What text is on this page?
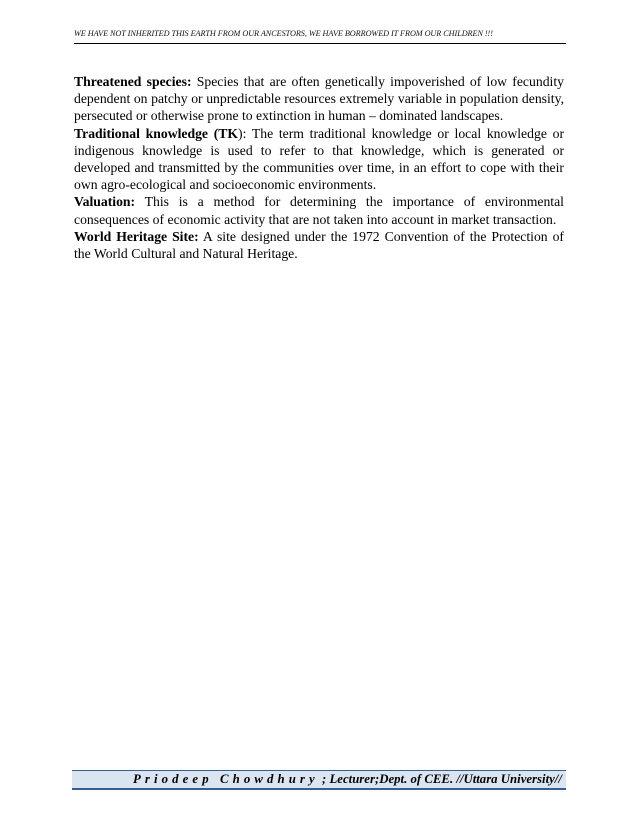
WE HAVE NOT INHERITED THIS EARTH FROM OUR ANCESTORS, WE HAVE BORROWED IT FROM OUR CHILDREN !!!

Threatened species: Species that are often genetically impoverished of low fecundity dependent on patchy or unpredictable resources extremely variable in population density, persecuted or otherwise prone to extinction in human – dominated landscapes.

Traditional knowledge (TK): The term traditional knowledge or local knowledge or indigenous knowledge is used to refer to that knowledge, which is generated or developed and transmitted by the communities over time, in an effort to cope with their own agro-ecological and socioeconomic environments.

Valuation: This is a method for determining the importance of environmental consequences of economic activity that are not taken into account in market transaction.

World Heritage Site: A site designed under the 1972 Convention of the Protection of the World Cultural and Natural Heritage.

Priodeep Chowdhury ; Lecturer;Dept. of CEE. //Uttara University//
